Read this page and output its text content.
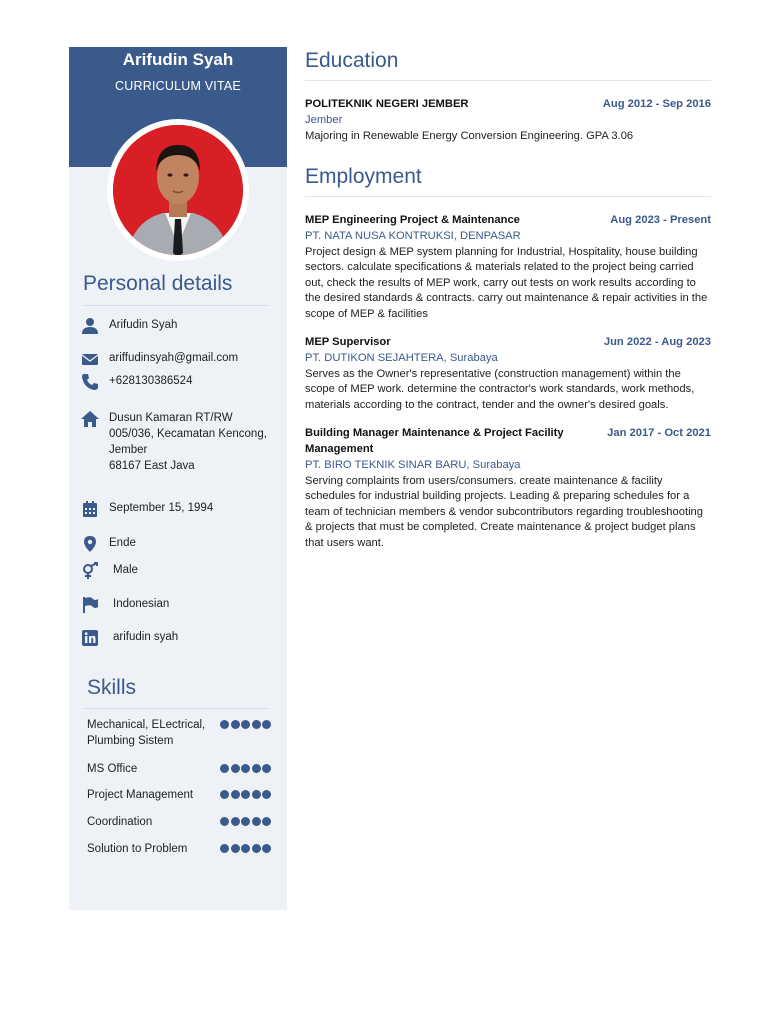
Arifudin Syah
CURRICULUM VITAE
Personal details
Arifudin Syah
ariffudinsyah@gmail.com
+628130386524
Dusun Kamaran RT/RW
005/036, Kecamatan Kencong,
Jember
68167 East Java
September 15, 1994
Ende
Male
Indonesian
arifudin syah
Skills
Mechanical, ELectrical, Plumbing Sistem
MS Office
Project Management
Coordination
Solution to Problem
Education
POLITEKNIK NEGERI JEMBER	Aug 2012 - Sep 2016
Jember
Majoring in Renewable Energy Conversion Engineering. GPA 3.06
Employment
MEP Engineering Project & Maintenance	Aug 2023 - Present
PT. NATA NUSA KONTRUKSI, DENPASAR
Project design & MEP system planning for Industrial, Hospitality, house building sectors. calculate specifications & materials related to the project being carried out, check the results of MEP work, carry out tests on work results according to the desired standards & contracts. carry out maintenance & repair activities in the scope of MEP & facilities
MEP Supervisor	Jun 2022 - Aug 2023
PT. DUTIKON SEJAHTERA, Surabaya
Serves as the Owner's representative (construction management) within the scope of MEP work. determine the contractor's work standards, work methods, materials according to the contract, tender and the owner's desired goals.
Building Manager Maintenance & Project Facility	Jan 2017 - Oct 2021
Management
PT. BIRO TEKNIK SINAR BARU, Surabaya
Serving complaints from users/consumers. create maintenance & facility schedules for industrial building projects. Leading & preparing schedules for a team of technician members & vendor subcontributors regarding troubleshooting & projects that must be completed. Create maintenance & project budget plans that users want.
